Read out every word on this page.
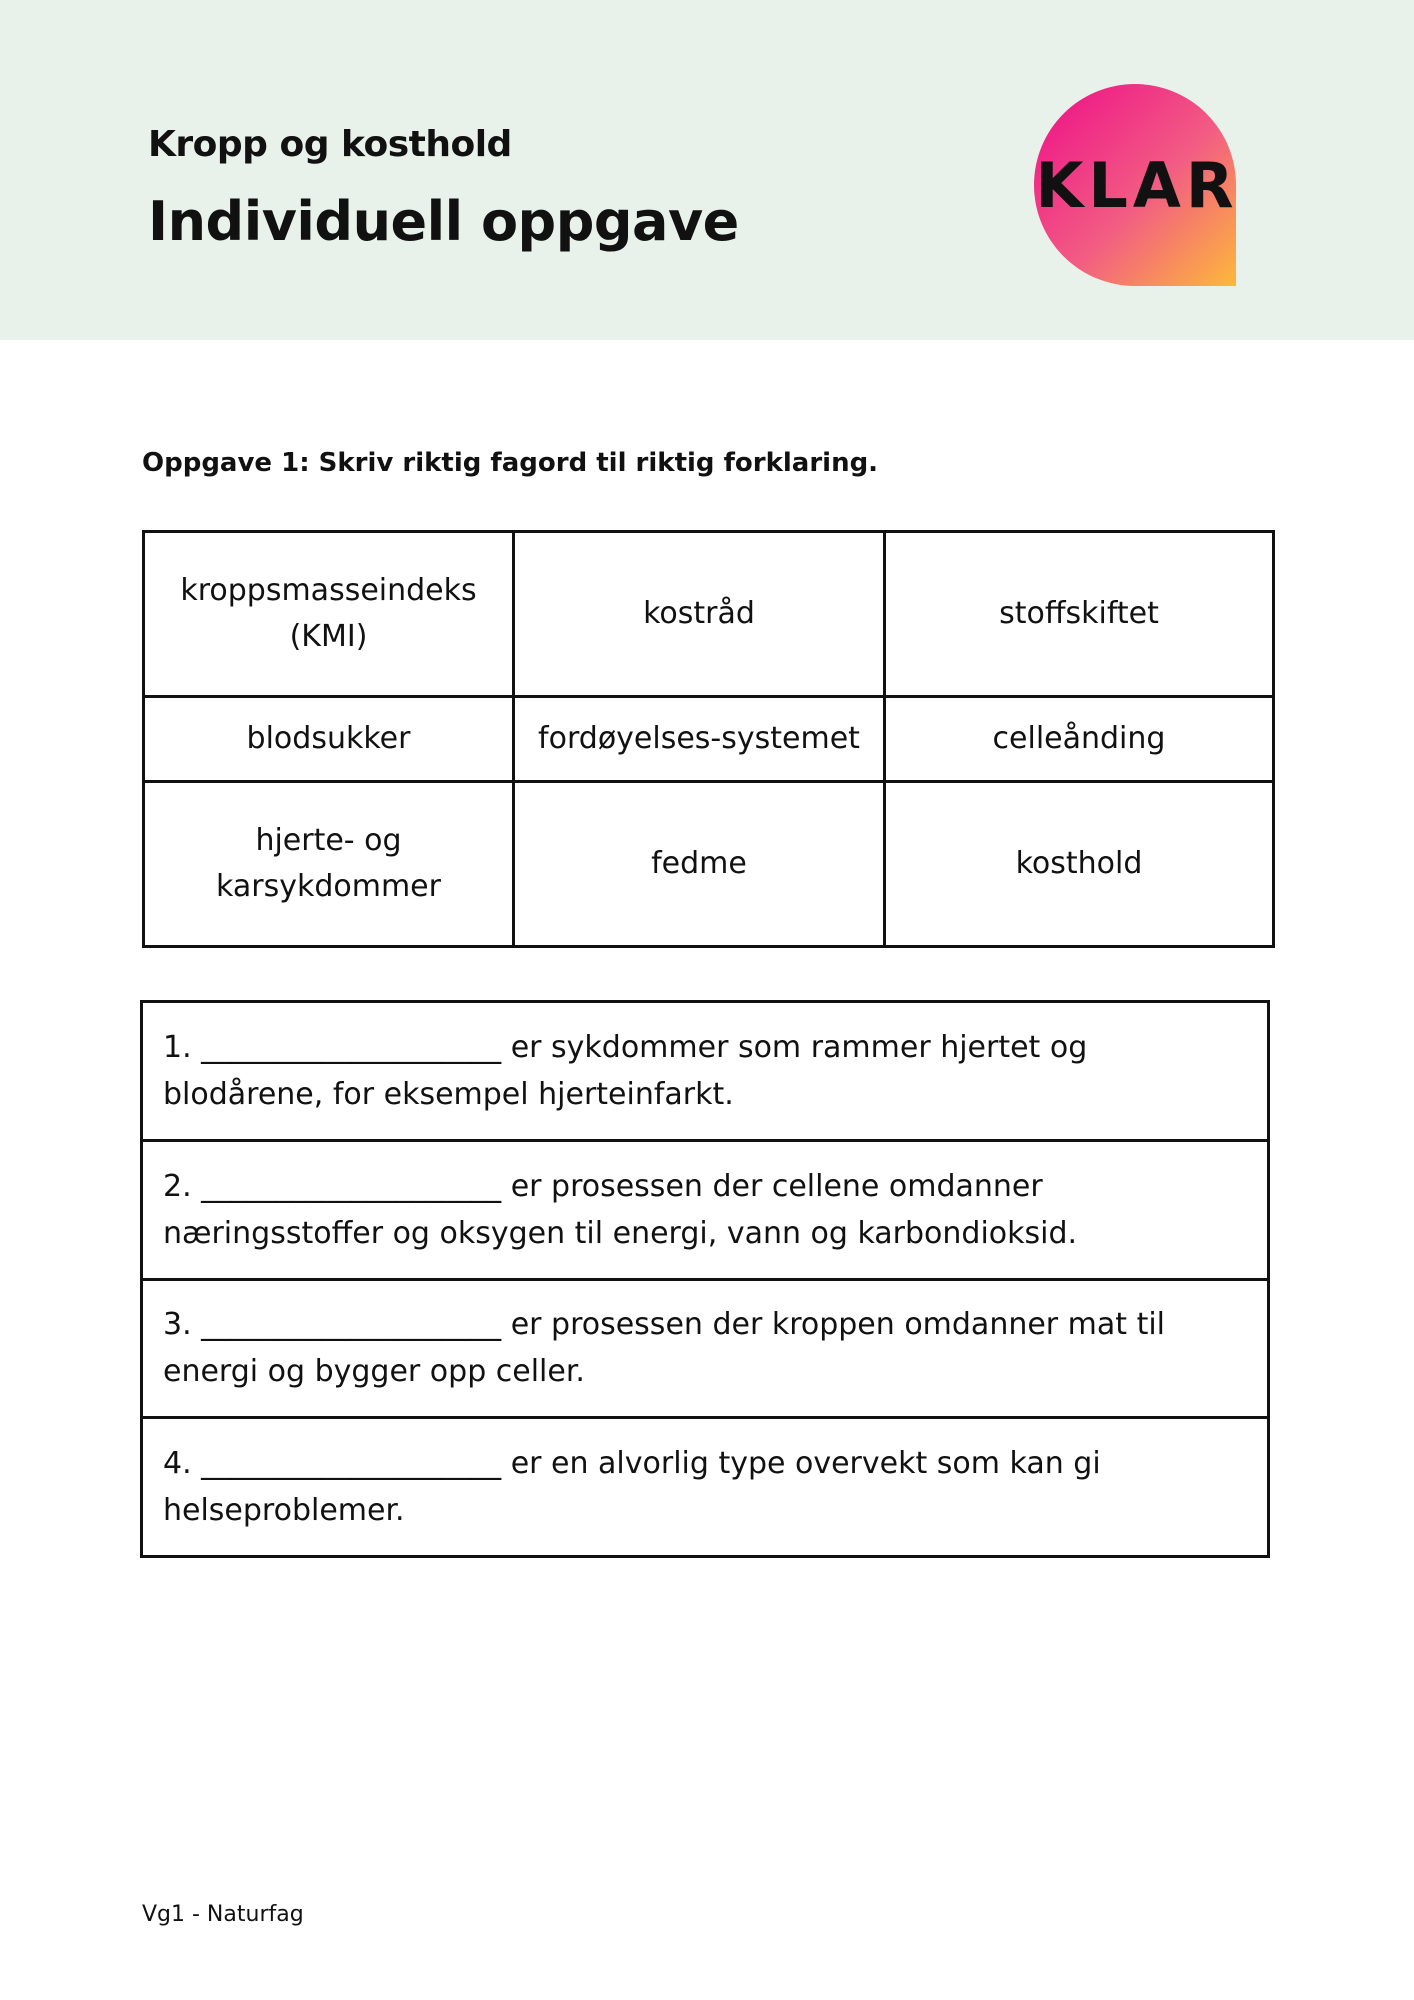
Kropp og kosthold
Individuell oppgave	KLAR
Oppgave 1: Skriv riktig fagord til riktig forklaring.
kroppsmasseindeks (KMI)	kostråd	stoffskiftet
blodsukker	fordøyelses-systemet	celleånding
hjerte- og karsykdommer	fedme	kosthold
1. ____________________ er sykdommer som rammer hjertet og blodårene, for eksempel hjerteinfarkt.
2. ____________________ er prosessen der cellene omdanner næringsstoffer og oksygen til energi, vann og karbondioksid.
3. ____________________ er prosessen der kroppen omdanner mat til energi og bygger opp celler.
4. ____________________ er en alvorlig type overvekt som kan gi helseproblemer.
Vg1 - Naturfag
